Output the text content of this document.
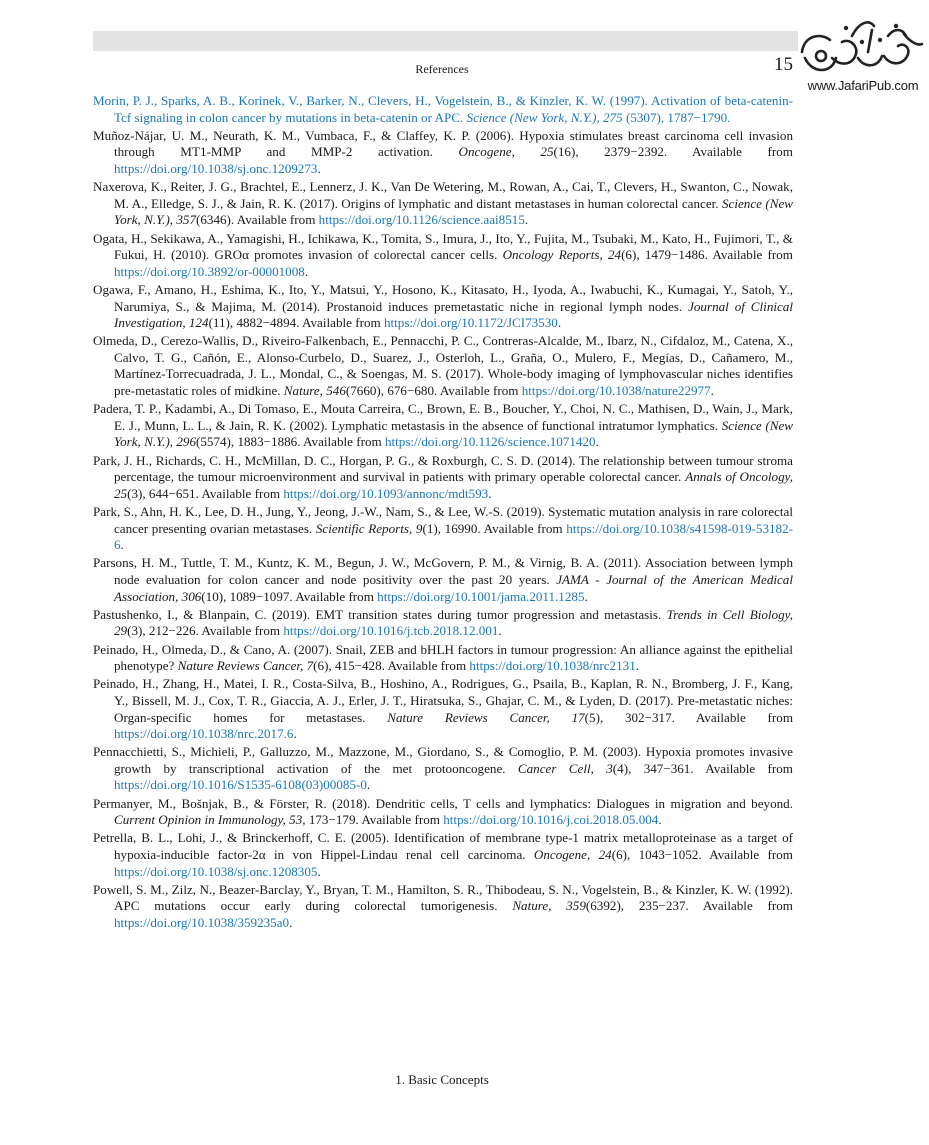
References	15
www.JafariPub.com

Morin, P. J., Sparks, A. B., Korinek, V., Barker, N., Clevers, H., Vogelstein, B., & Kinzler, K. W. (1997). Activation of beta-catenin-Tcf signaling in colon cancer by mutations in beta-catenin or APC. Science (New York, N.Y.), 275 (5307), 1787−1790.

Muñoz-Nájar, U. M., Neurath, K. M., Vumbaca, F., & Claffey, K. P. (2006). Hypoxia stimulates breast carcinoma cell invasion through MT1-MMP and MMP-2 activation. Oncogene, 25(16), 2379−2392. Available from https://doi.org/10.1038/sj.onc.1209273.

Naxerova, K., Reiter, J. G., Brachtel, E., Lennerz, J. K., Van De Wetering, M., Rowan, A., Cai, T., Clevers, H., Swanton, C., Nowak, M. A., Elledge, S. J., & Jain, R. K. (2017). Origins of lymphatic and distant metastases in human colorectal cancer. Science (New York, N.Y.), 357(6346). Available from https://doi.org/10.1126/science.aai8515.

Ogata, H., Sekikawa, A., Yamagishi, H., Ichikawa, K., Tomita, S., Imura, J., Ito, Y., Fujita, M., Tsubaki, M., Kato, H., Fujimori, T., & Fukui, H. (2010). GROα promotes invasion of colorectal cancer cells. Oncology Reports, 24(6), 1479−1486. Available from https://doi.org/10.3892/or-00001008.

Ogawa, F., Amano, H., Eshima, K., Ito, Y., Matsui, Y., Hosono, K., Kitasato, H., Iyoda, A., Iwabuchi, K., Kumagai, Y., Satoh, Y., Narumiya, S., & Majima, M. (2014). Prostanoid induces premetastatic niche in regional lymph nodes. Journal of Clinical Investigation, 124(11), 4882−4894. Available from https://doi.org/10.1172/JCI73530.

Olmeda, D., Cerezo-Wallis, D., Riveiro-Falkenbach, E., Pennacchi, P. C., Contreras-Alcalde, M., Ibarz, N., Cifdaloz, M., Catena, X., Calvo, T. G., Cañón, E., Alonso-Curbelo, D., Suarez, J., Osterloh, L., Graña, O., Mulero, F., Megías, D., Cañamero, M., Martínez-Torrecuadrada, J. L., Mondal, C., & Soengas, M. S. (2017). Whole-body imaging of lymphovascular niches identifies pre-metastatic roles of midkine. Nature, 546(7660), 676−680. Available from https://doi.org/10.1038/nature22977.

Padera, T. P., Kadambi, A., Di Tomaso, E., Mouta Carreira, C., Brown, E. B., Boucher, Y., Choi, N. C., Mathisen, D., Wain, J., Mark, E. J., Munn, L. L., & Jain, R. K. (2002). Lymphatic metastasis in the absence of functional intratumor lymphatics. Science (New York, N.Y.), 296(5574), 1883−1886. Available from https://doi.org/10.1126/science.1071420.

Park, J. H., Richards, C. H., McMillan, D. C., Horgan, P. G., & Roxburgh, C. S. D. (2014). The relationship between tumour stroma percentage, the tumour microenvironment and survival in patients with primary operable colorectal cancer. Annals of Oncology, 25(3), 644−651. Available from https://doi.org/10.1093/annonc/mdt593.

Park, S., Ahn, H. K., Lee, D. H., Jung, Y., Jeong, J.-W., Nam, S., & Lee, W.-S. (2019). Systematic mutation analysis in rare colorectal cancer presenting ovarian metastases. Scientific Reports, 9(1), 16990. Available from https://doi.org/10.1038/s41598-019-53182-6.

Parsons, H. M., Tuttle, T. M., Kuntz, K. M., Begun, J. W., McGovern, P. M., & Virnig, B. A. (2011). Association between lymph node evaluation for colon cancer and node positivity over the past 20 years. JAMA - Journal of the American Medical Association, 306(10), 1089−1097. Available from https://doi.org/10.1001/jama.2011.1285.

Pastushenko, I., & Blanpain, C. (2019). EMT transition states during tumor progression and metastasis. Trends in Cell Biology, 29(3), 212−226. Available from https://doi.org/10.1016/j.tcb.2018.12.001.

Peinado, H., Olmeda, D., & Cano, A. (2007). Snail, ZEB and bHLH factors in tumour progression: An alliance against the epithelial phenotype? Nature Reviews Cancer, 7(6), 415−428. Available from https://doi.org/10.1038/nrc2131.

Peinado, H., Zhang, H., Matei, I. R., Costa-Silva, B., Hoshino, A., Rodrigues, G., Psaila, B., Kaplan, R. N., Bromberg, J. F., Kang, Y., Bissell, M. J., Cox, T. R., Giaccia, A. J., Erler, J. T., Hiratsuka, S., Ghajar, C. M., & Lyden, D. (2017). Pre-metastatic niches: Organ-specific homes for metastases. Nature Reviews Cancer, 17(5), 302−317. Available from https://doi.org/10.1038/nrc.2017.6.

Pennacchietti, S., Michieli, P., Galluzzo, M., Mazzone, M., Giordano, S., & Comoglio, P. M. (2003). Hypoxia promotes invasive growth by transcriptional activation of the met protooncogene. Cancer Cell, 3(4), 347−361. Available from https://doi.org/10.1016/S1535-6108(03)00085-0.

Permanyer, M., Bošnjak, B., & Förster, R. (2018). Dendritic cells, T cells and lymphatics: Dialogues in migration and beyond. Current Opinion in Immunology, 53, 173−179. Available from https://doi.org/10.1016/j.coi.2018.05.004.

Petrella, B. L., Lohi, J., & Brinckerhoff, C. E. (2005). Identification of membrane type-1 matrix metalloproteinase as a target of hypoxia-inducible factor-2α in von Hippel-Lindau renal cell carcinoma. Oncogene, 24(6), 1043−1052. Available from https://doi.org/10.1038/sj.onc.1208305.

Powell, S. M., Zilz, N., Beazer-Barclay, Y., Bryan, T. M., Hamilton, S. R., Thibodeau, S. N., Vogelstein, B., & Kinzler, K. W. (1992). APC mutations occur early during colorectal tumorigenesis. Nature, 359(6392), 235−237. Available from https://doi.org/10.1038/359235a0.

1. Basic Concepts
